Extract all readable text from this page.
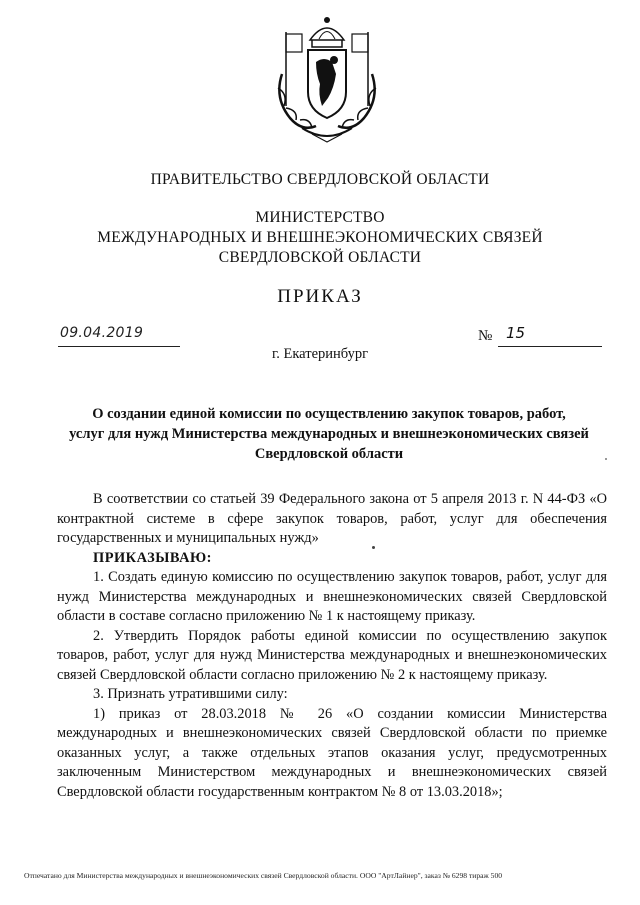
ПРАВИТЕЛЬСТВО СВЕРДЛОВСКОЙ ОБЛАСТИ
МИНИСТЕРСТВО
МЕЖДУНАРОДНЫХ И ВНЕШНЕЭКОНОМИЧЕСКИХ СВЯЗЕЙ
СВЕРДЛОВСКОЙ ОБЛАСТИ
ПРИКАЗ
09.04.2019	№ 15
г. Екатеринбург
О создании единой комиссии по осуществлению закупок товаров, работ,
услуг для нужд Министерства международных и внешнеэкономических связей
Свердловской области

В соответствии со статьей 39 Федерального закона от 5 апреля 2013 г. N 44-ФЗ «О контрактной системе в сфере закупок товаров, работ, услуг для обеспечения государственных и муниципальных нужд»

ПРИКАЗЫВАЮ:

1. Создать единую комиссию по осуществлению закупок товаров, работ, услуг для нужд Министерства международных и внешнеэкономических связей Свердловской области в составе согласно приложению № 1 к настоящему приказу.

2. Утвердить Порядок работы единой комиссии по осуществлению закупок товаров, работ, услуг для нужд Министерства международных и внешнеэкономических связей Свердловской области согласно приложению № 2 к настоящему приказу.

3. Признать утратившими силу:

1) приказ от 28.03.2018 № 26 «О создании комиссии Министерства международных и внешнеэкономических связей Свердловской области по приемке оказанных услуг, а также отдельных этапов оказания услуг, предусмотренных заключенным Министерством международных и внешнеэкономических связей Свердловской области государственным контрактом № 8 от 13.03.2018»;

Отпечатано для Министерства международных и внешнеэкономических связей Свердловской области. ООО "АртЛайнер", заказ № 6298 тираж 500
